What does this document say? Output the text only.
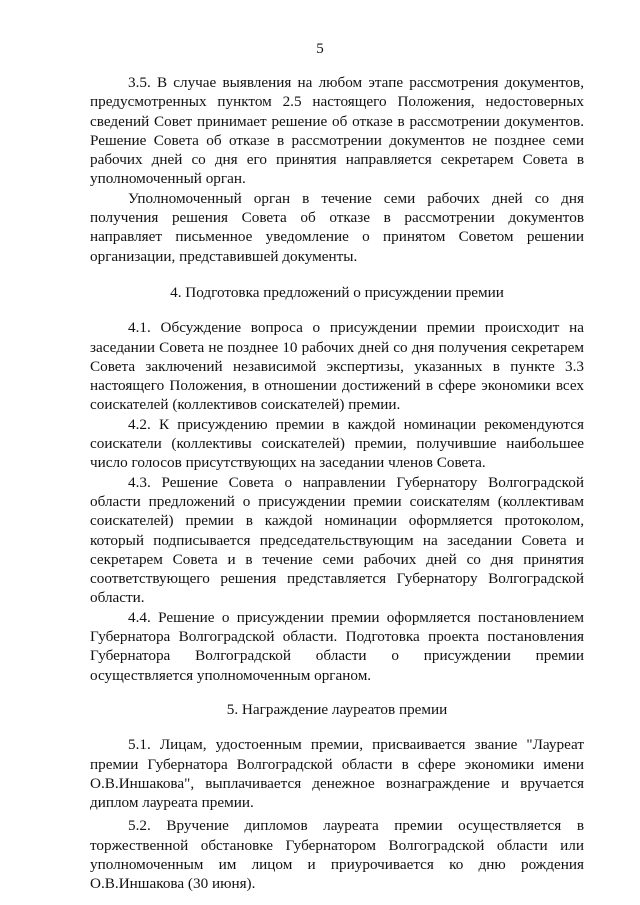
5

3.5. В случае выявления на любом этапе рассмотрения документов, предусмотренных пунктом 2.5 настоящего Положения, недостоверных сведений Совет принимает решение об отказе в рассмотрении документов. Решение Совета об отказе в рассмотрении документов не позднее семи рабочих дней со дня его принятия направляется секретарем Совета в уполномоченный орган.

Уполномоченный орган в течение семи рабочих дней со дня получения решения Совета об отказе в рассмотрении документов направляет письменное уведомление о принятом Советом решении организации, представившей документы.

4. Подготовка предложений о присуждении премии

4.1. Обсуждение вопроса о присуждении премии происходит на заседании Совета не позднее 10 рабочих дней со дня получения секретарем Совета заключений независимой экспертизы, указанных в пункте 3.3 настоящего Положения, в отношении достижений в сфере экономики всех соискателей (коллективов соискателей) премии.

4.2. К присуждению премии в каждой номинации рекомендуются соискатели (коллективы соискателей) премии, получившие наибольшее число голосов присутствующих на заседании членов Совета.

4.3. Решение Совета о направлении Губернатору Волгоградской области предложений о присуждении премии соискателям (коллективам соискателей) премии в каждой номинации оформляется протоколом, который подписывается председательствующим на заседании Совета и секретарем Совета и в течение семи рабочих дней со дня принятия соответствующего решения представляется Губернатору Волгоградской области.

4.4. Решение о присуждении премии оформляется постановлением Губернатора Волгоградской области. Подготовка проекта постановления Губернатора Волгоградской области о присуждении премии осуществляется уполномоченным органом.

5. Награждение лауреатов премии

5.1. Лицам, удостоенным премии, присваивается звание "Лауреат премии Губернатора Волгоградской области в сфере экономики имени О.В.Иншакова", выплачивается денежное вознаграждение и вручается диплом лауреата премии.

5.2. Вручение дипломов лауреата премии осуществляется в торжественной обстановке Губернатором Волгоградской области или уполномоченным им лицом и приурочивается ко дню рождения О.В.Иншакова (30 июня).
